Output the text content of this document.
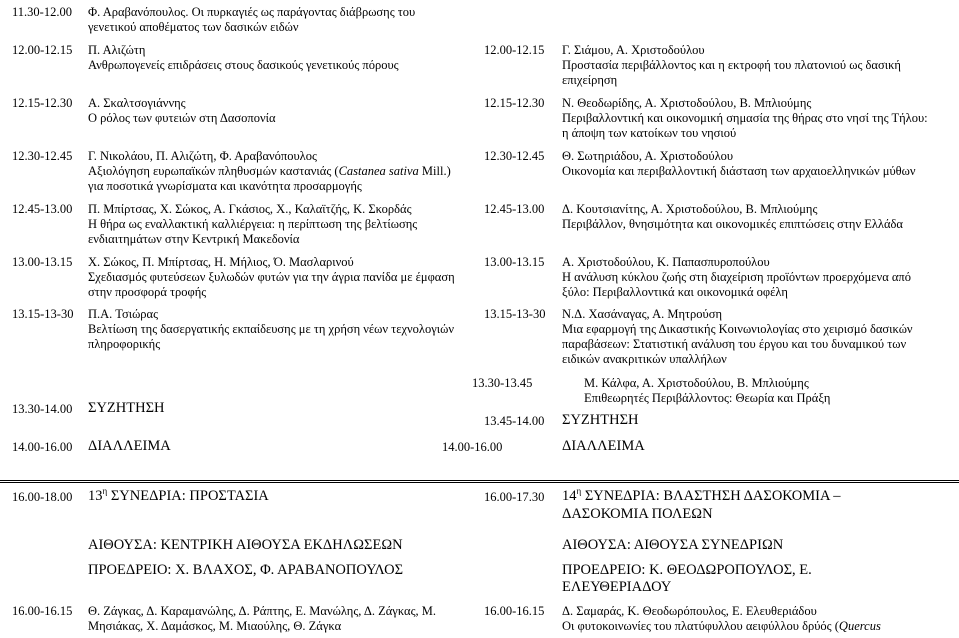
11.30-12.00 Φ. Αραβανόπουλος. Οι πυρκαγιές ως παράγοντας διάβρωσης του
γενετικού αποθέματος των δασικών ειδών
12.00-12.15 Π. Αλιζώτη
Ανθρωπογενείς επιδράσεις στους δασικούς γενετικούς πόρους
12.15-12.30 Α. Σκαλτσογιάννης
Ο ρόλος των φυτειών στη Δασοπονία
12.30-12.45 Γ. Νικολάου, Π. Αλιζώτη, Φ. Αραβανόπουλος
Αξιολόγηση ευρωπαϊκών πληθυσμών καστανιάς (Castanea sativa Mill.)
για ποσοτικά γνωρίσματα και ικανότητα προσαρμογής
12.45-13.00 Π. Μπίρτσας, Χ. Σώκος, Α. Γκάσιος, Χ., Καλαϊτζής, Κ. Σκορδάς
Η θήρα ως εναλλακτική καλλιέργεια: η περίπτωση της βελτίωσης
ενδιαιτημάτων στην Κεντρική Μακεδονία
13.00-13.15 Χ. Σώκος, Π. Μπίρτσας, Η. Μήλιος, Ό. Μασλαρινού
Σχεδιασμός φυτεύσεων ξυλωδών φυτών για την άγρια πανίδα με έμφαση
στην προσφορά τροφής
13.15-13-30 Π.Α. Τσιώρας
Βελτίωση της δασεργατικής εκπαίδευσης με τη χρήση νέων τεχνολογιών
πληροφορικής
13.30-14.00 ΣΥΖΗΤΗΣΗ
14.00-16.00 ΔΙΑΛΛΕΙΜΑ
12.00-12.15 Γ. Σιάμου, Α. Χριστοδούλου
Προστασία περιβάλλοντος και η εκτροφή του πλατονιού ως δασική
επιχείρηση
12.15-12.30 Ν. Θεοδωρίδης, Α. Χριστοδούλου, Β. Μπλιούμης
Περιβαλλοντική και οικονομική σημασία της θήρας στο νησί της Τήλου:
η άποψη των κατοίκων του νησιού
12.30-12.45 Θ. Σωτηριάδου, Α. Χριστοδούλου
Οικονομία και περιβαλλοντική διάσταση των αρχαιοελληνικών μύθων
12.45-13.00 Δ. Κουτσιανίτης, Α. Χριστοδούλου, Β. Μπλιούμης
Περιβάλλον, θνησιμότητα και οικονομικές επιπτώσεις στην Ελλάδα
13.00-13.15 Α. Χριστοδούλου, Κ. Παπασπυροπούλου
Η ανάλυση κύκλου ζωής στη διαχείριση προϊόντων προερχόμενα από
ξύλο: Περιβαλλοντικά και οικονομικά οφέλη
13.15-13-30 Ν.Δ. Χασάναγας, Α. Μητρούση
Μια εφαρμογή της Δικαστικής Κοινωνιολογίας στο χειρισμό δασικών
παραβάσεων: Στατιστική ανάλυση του έργου και του δυναμικού των
ειδικών ανακριτικών υπαλλήλων
13.30-13.45	Μ. Κάλφα, Α. Χριστοδούλου, Β. Μπλιούμης
Επιθεωρητές Περιβάλλοντος: Θεωρία και Πράξη
13.45-14.00 ΣΥΖΗΤΗΣΗ
14.00-16.00	ΔΙΑΛΛΕΙΜΑ
16.00-18.00 $13^\eta$ ΣΥΝΕΔΡΙΑ: ΠΡΟΣΤΑΣΙΑ
ΑΙΘΟΥΣΑ: ΚΕΝΤΡΙΚΗ ΑΙΘΟΥΣΑ ΕΚΔΗΛΩΣΕΩΝ
ΠΡΟΕΔΡΕΙΟ: Χ. ΒΛΑΧΟΣ, Φ. ΑΡΑΒΑΝΟΠΟΥΛΟΣ
16.00-16.15 Θ. Ζάγκας, Δ. Καραμανώλης, Δ. Ράπτης, Ε. Μανώλης, Δ. Ζάγκας, Μ.
Μησιάκας, Χ. Δαμάσκος, Μ. Μιαούλης, Θ. Ζάγκα
16.00-17.30 $14^\eta$ ΣΥΝΕΔΡΙΑ: ΒΛΑΣΤΗΣΗ ΔΑΣΟΚΟΜΙΑ –
ΔΑΣΟΚΟΜΙΑ ΠΟΛΕΩΝ
ΑΙΘΟΥΣΑ: ΑΙΘΟΥΣΑ ΣΥΝΕΔΡΙΩΝ
ΠΡΟΕΔΡΕΙΟ: Κ. ΘΕΟΔΩΡΟΠΟΥΛΟΣ, Ε.
ΕΛΕΥΘΕΡΙΑΔΟΥ
16.00-16.15 Δ. Σαμαράς, Κ. Θεοδωρόπουλος, Ε. Ελευθεριάδου
Οι φυτοκοινωνίες του πλατύφυλλου αειφύλλου δρύός (Quercus
